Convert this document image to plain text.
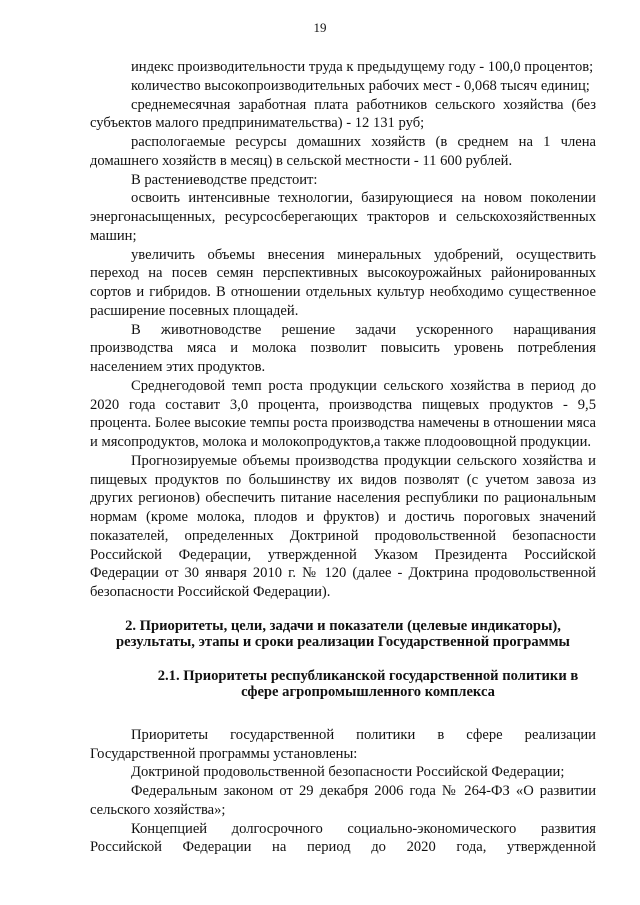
19

индекс производительности труда к предыдущему году - 100,0 процентов;

количество высокопроизводительных рабочих мест - 0,068 тысяч единиц;

среднемесячная заработная плата работников сельского хозяйства (без субъектов малого предпринимательства) - 12 131 руб;

распологаемые ресурсы домашних хозяйств (в среднем на 1 члена домашнего хозяйств в месяц) в сельской местности - 11 600 рублей.

В растениеводстве предстоит:

освоить интенсивные технологии, базирующиеся на новом поколении энергонасыщенных, ресурсосберегающих тракторов и сельскохозяйственных машин;

увеличить объемы внесения минеральных удобрений, осуществить переход на посев семян перспективных высокоурожайных районированных сортов и гибридов. В отношении отдельных культур необходимо существенное расширение посевных площадей.

В животноводстве решение задачи ускоренного наращивания производства мяса и молока позволит повысить уровень потребления населением этих продуктов.

Среднегодовой темп роста продукции сельского хозяйства в период до 2020 года составит 3,0 процента, производства пищевых продуктов - 9,5 процента. Более высокие темпы роста производства намечены в отношении мяса и мясопродуктов, молока и молокопродуктов,а также плодоовощной продукции.

Прогнозируемые объемы производства продукции сельского хозяйства и пищевых продуктов по большинству их видов позволят (с учетом завоза из других регионов) обеспечить питание населения республики по рациональным нормам (кроме молока, плодов и фруктов) и достичь пороговых значений показателей, определенных Доктриной продовольственной безопасности Российской Федерации, утвержденной Указом Президента Российской Федерации от 30 января 2010 г. № 120 (далее - Доктрина продовольственной безопасности Российской Федерации).

2. Приоритеты, цели, задачи и показатели (целевые индикаторы), результаты, этапы и сроки реализации Государственной программы
2.1. Приоритеты республиканской государственной политики в сфере агропромышленного комплекса

Приоритеты государственной политики в сфере реализации Государственной программы установлены:

Доктриной продовольственной безопасности Российской Федерации;

Федеральным законом от 29 декабря 2006 года № 264-ФЗ «О развитии сельского хозяйства»;

Концепцией долгосрочного социально-экономического развития Российской Федерации на период до 2020 года, утвержденной
